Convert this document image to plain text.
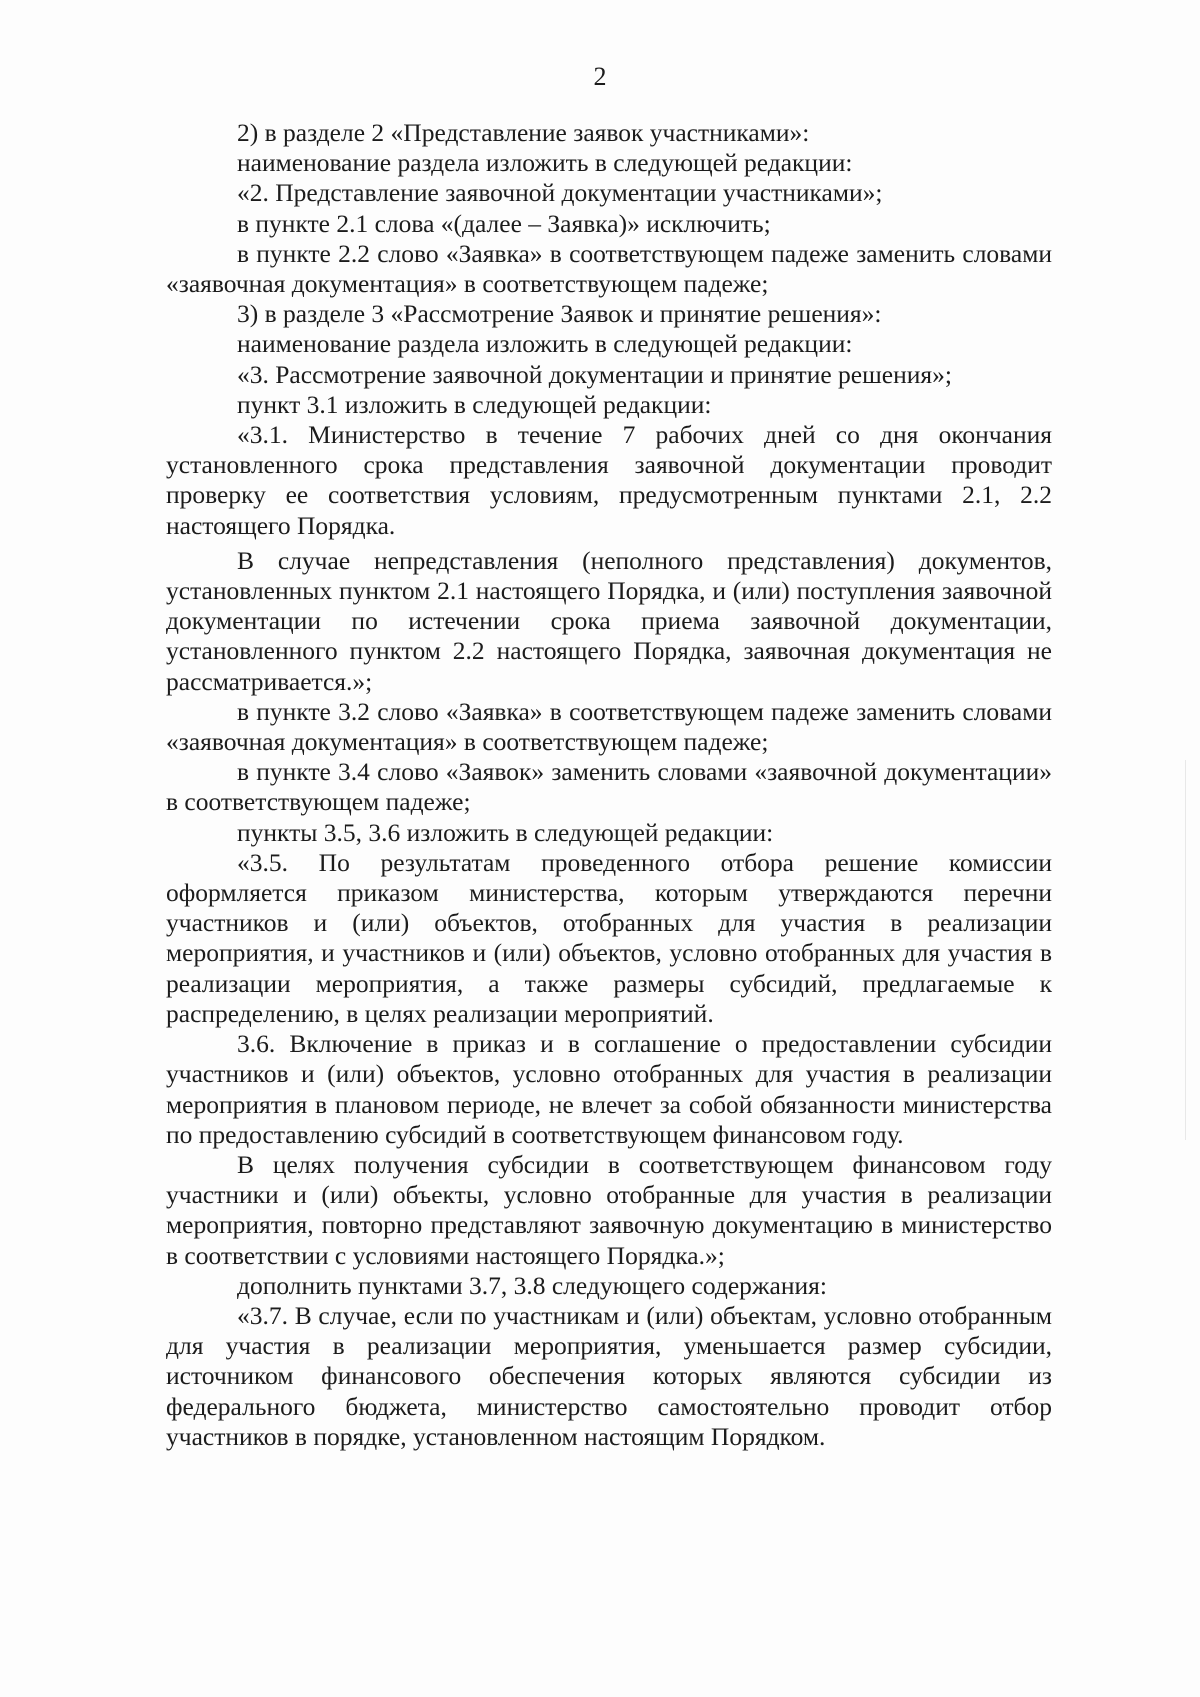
2

2) в разделе 2 «Представление заявок участниками»:

наименование раздела изложить в следующей редакции:

«2. Представление заявочной документации участниками»;

в пункте 2.1 слова «(далее – Заявка)» исключить;

в пункте 2.2 слово «Заявка» в соответствующем падеже заменить словами «заявочная документация» в соответствующем падеже;

3) в разделе 3 «Рассмотрение Заявок и принятие решения»:

наименование раздела изложить в следующей редакции:

«3. Рассмотрение заявочной документации и принятие решения»;

пункт 3.1 изложить в следующей редакции:

«3.1. Министерство в течение 7 рабочих дней со дня окончания установленного срока представления заявочной документации проводит проверку ее соответствия условиям, предусмотренным пунктами 2.1, 2.2 настоящего Порядка.

В случае непредставления (неполного представления) документов, установленных пунктом 2.1 настоящего Порядка, и (или) поступления заявочной документации по истечении срока приема заявочной документации, установленного пунктом 2.2 настоящего Порядка, заявочная документация не рассматривается.»;

в пункте 3.2 слово «Заявка» в соответствующем падеже заменить словами «заявочная документация» в соответствующем падеже;

в пункте 3.4 слово «Заявок» заменить словами «заявочной документации» в соответствующем падеже;

пункты 3.5, 3.6 изложить в следующей редакции:

«3.5. По результатам проведенного отбора решение комиссии оформляется приказом министерства, которым утверждаются перечни участников и (или) объектов, отобранных для участия в реализации мероприятия, и участников и (или) объектов, условно отобранных для участия в реализации мероприятия, а также размеры субсидий, предлагаемые к распределению, в целях реализации мероприятий.

3.6. Включение в приказ и в соглашение о предоставлении субсидии участников и (или) объектов, условно отобранных для участия в реализации мероприятия в плановом периоде, не влечет за собой обязанности министерства по предоставлению субсидий в соответствующем финансовом году.

В целях получения субсидии в соответствующем финансовом году участники и (или) объекты, условно отобранные для участия в реализации мероприятия, повторно представляют заявочную документацию в министерство в соответствии с условиями настоящего Порядка.»;

дополнить пунктами 3.7, 3.8 следующего содержания:

«3.7. В случае, если по участникам и (или) объектам, условно отобранным для участия в реализации мероприятия, уменьшается размер субсидии, источником финансового обеспечения которых являются субсидии из федерального бюджета, министерство самостоятельно проводит отбор участников в порядке, установленном настоящим Порядком.
